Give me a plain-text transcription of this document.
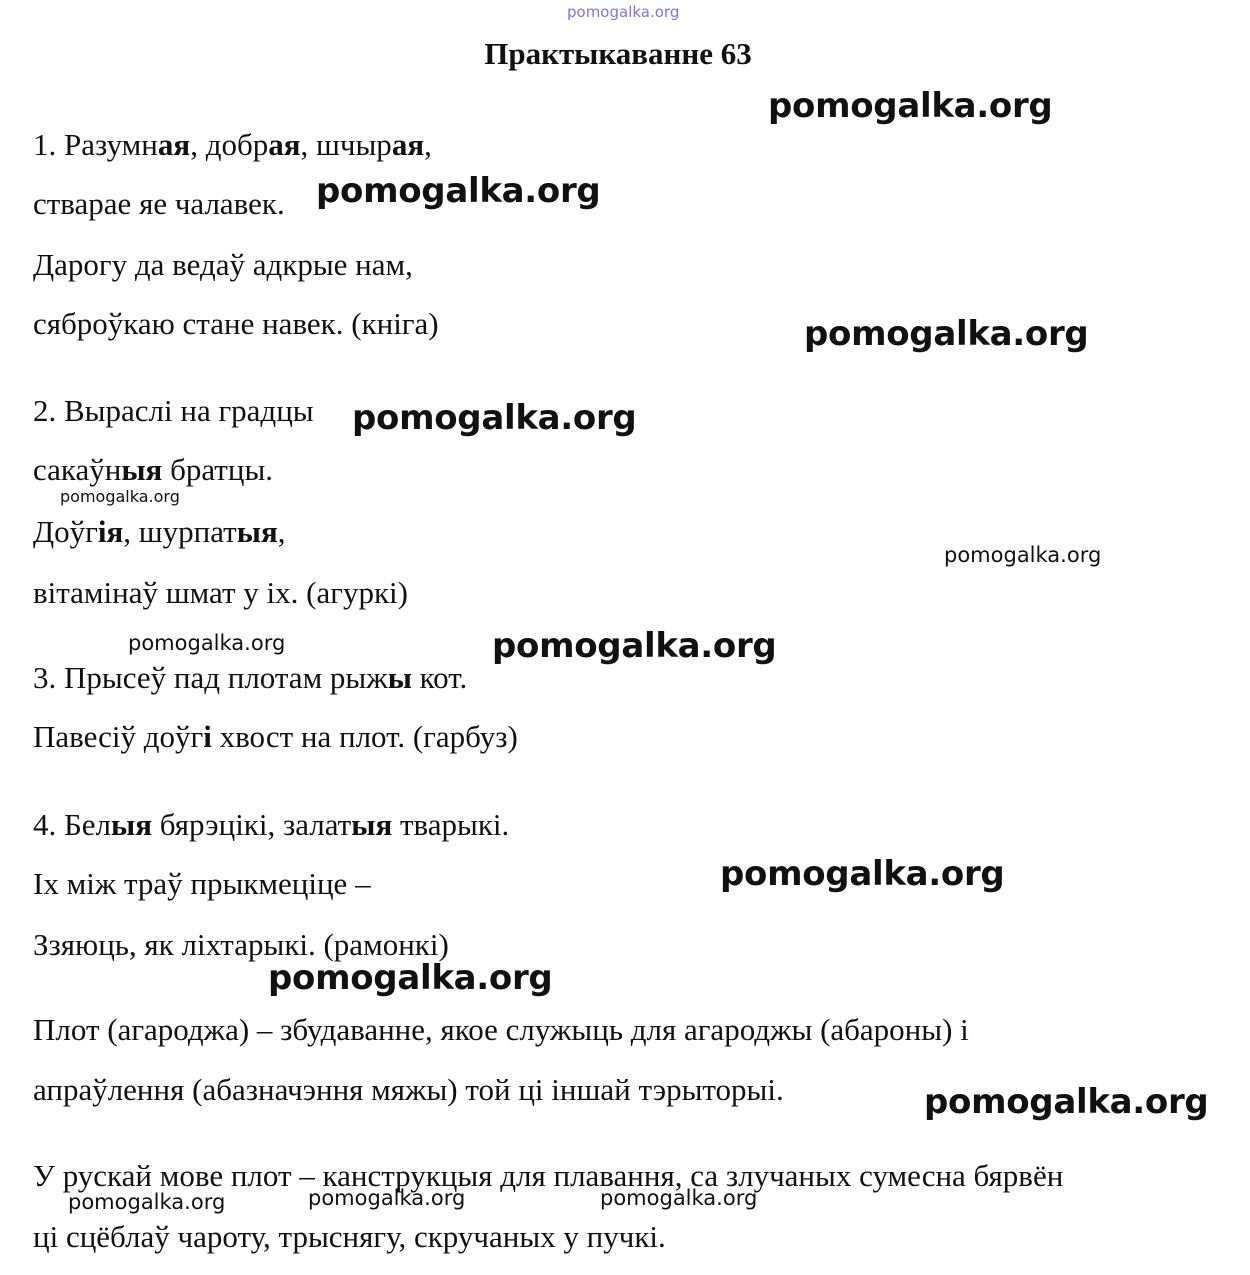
Практыкаванне 63

1. Разумная, добрая, шчырая,

стварае яе чалавек.

Дарогу да ведаў адкрые нам,

сяброўкаю стане навек. (кніга)

2. Выраслі на градцы

сакаўныя братцы.

Доўгія, шурпатыя,

вітамінаў шмат у іх. (агуркі)

3. Прысеў пад плотам рыжы кот.

Павесіў доўгі хвост на плот. (гарбуз)

4. Белыя бярэцікі, залатыя тварыкі.

Іх між траў прыкмеціце –

Ззяюць, як ліхтарыкі. (рамонкі)

Плот (агароджа) – збудаванне, якое служыць для агароджы (абароны) і

апраўлення (абазначэння мяжы) той ці іншай тэрыторыі.

У рускай мове плот – канструкцыя для плавання, са злучаных сумесна бярвён

ці сцёблаў чароту, трыснягу, скручаных у пучкі.

pomogalka.org
pomogalka.org
pomogalka.org
pomogalka.org
pomogalka.org
pomogalka.org
pomogalka.org
pomogalka.org	pomogalka.org
pomogalka.org
pomogalka.org
pomogalka.org
pomogalka.org	pomogalka.org	pomogalka.org
